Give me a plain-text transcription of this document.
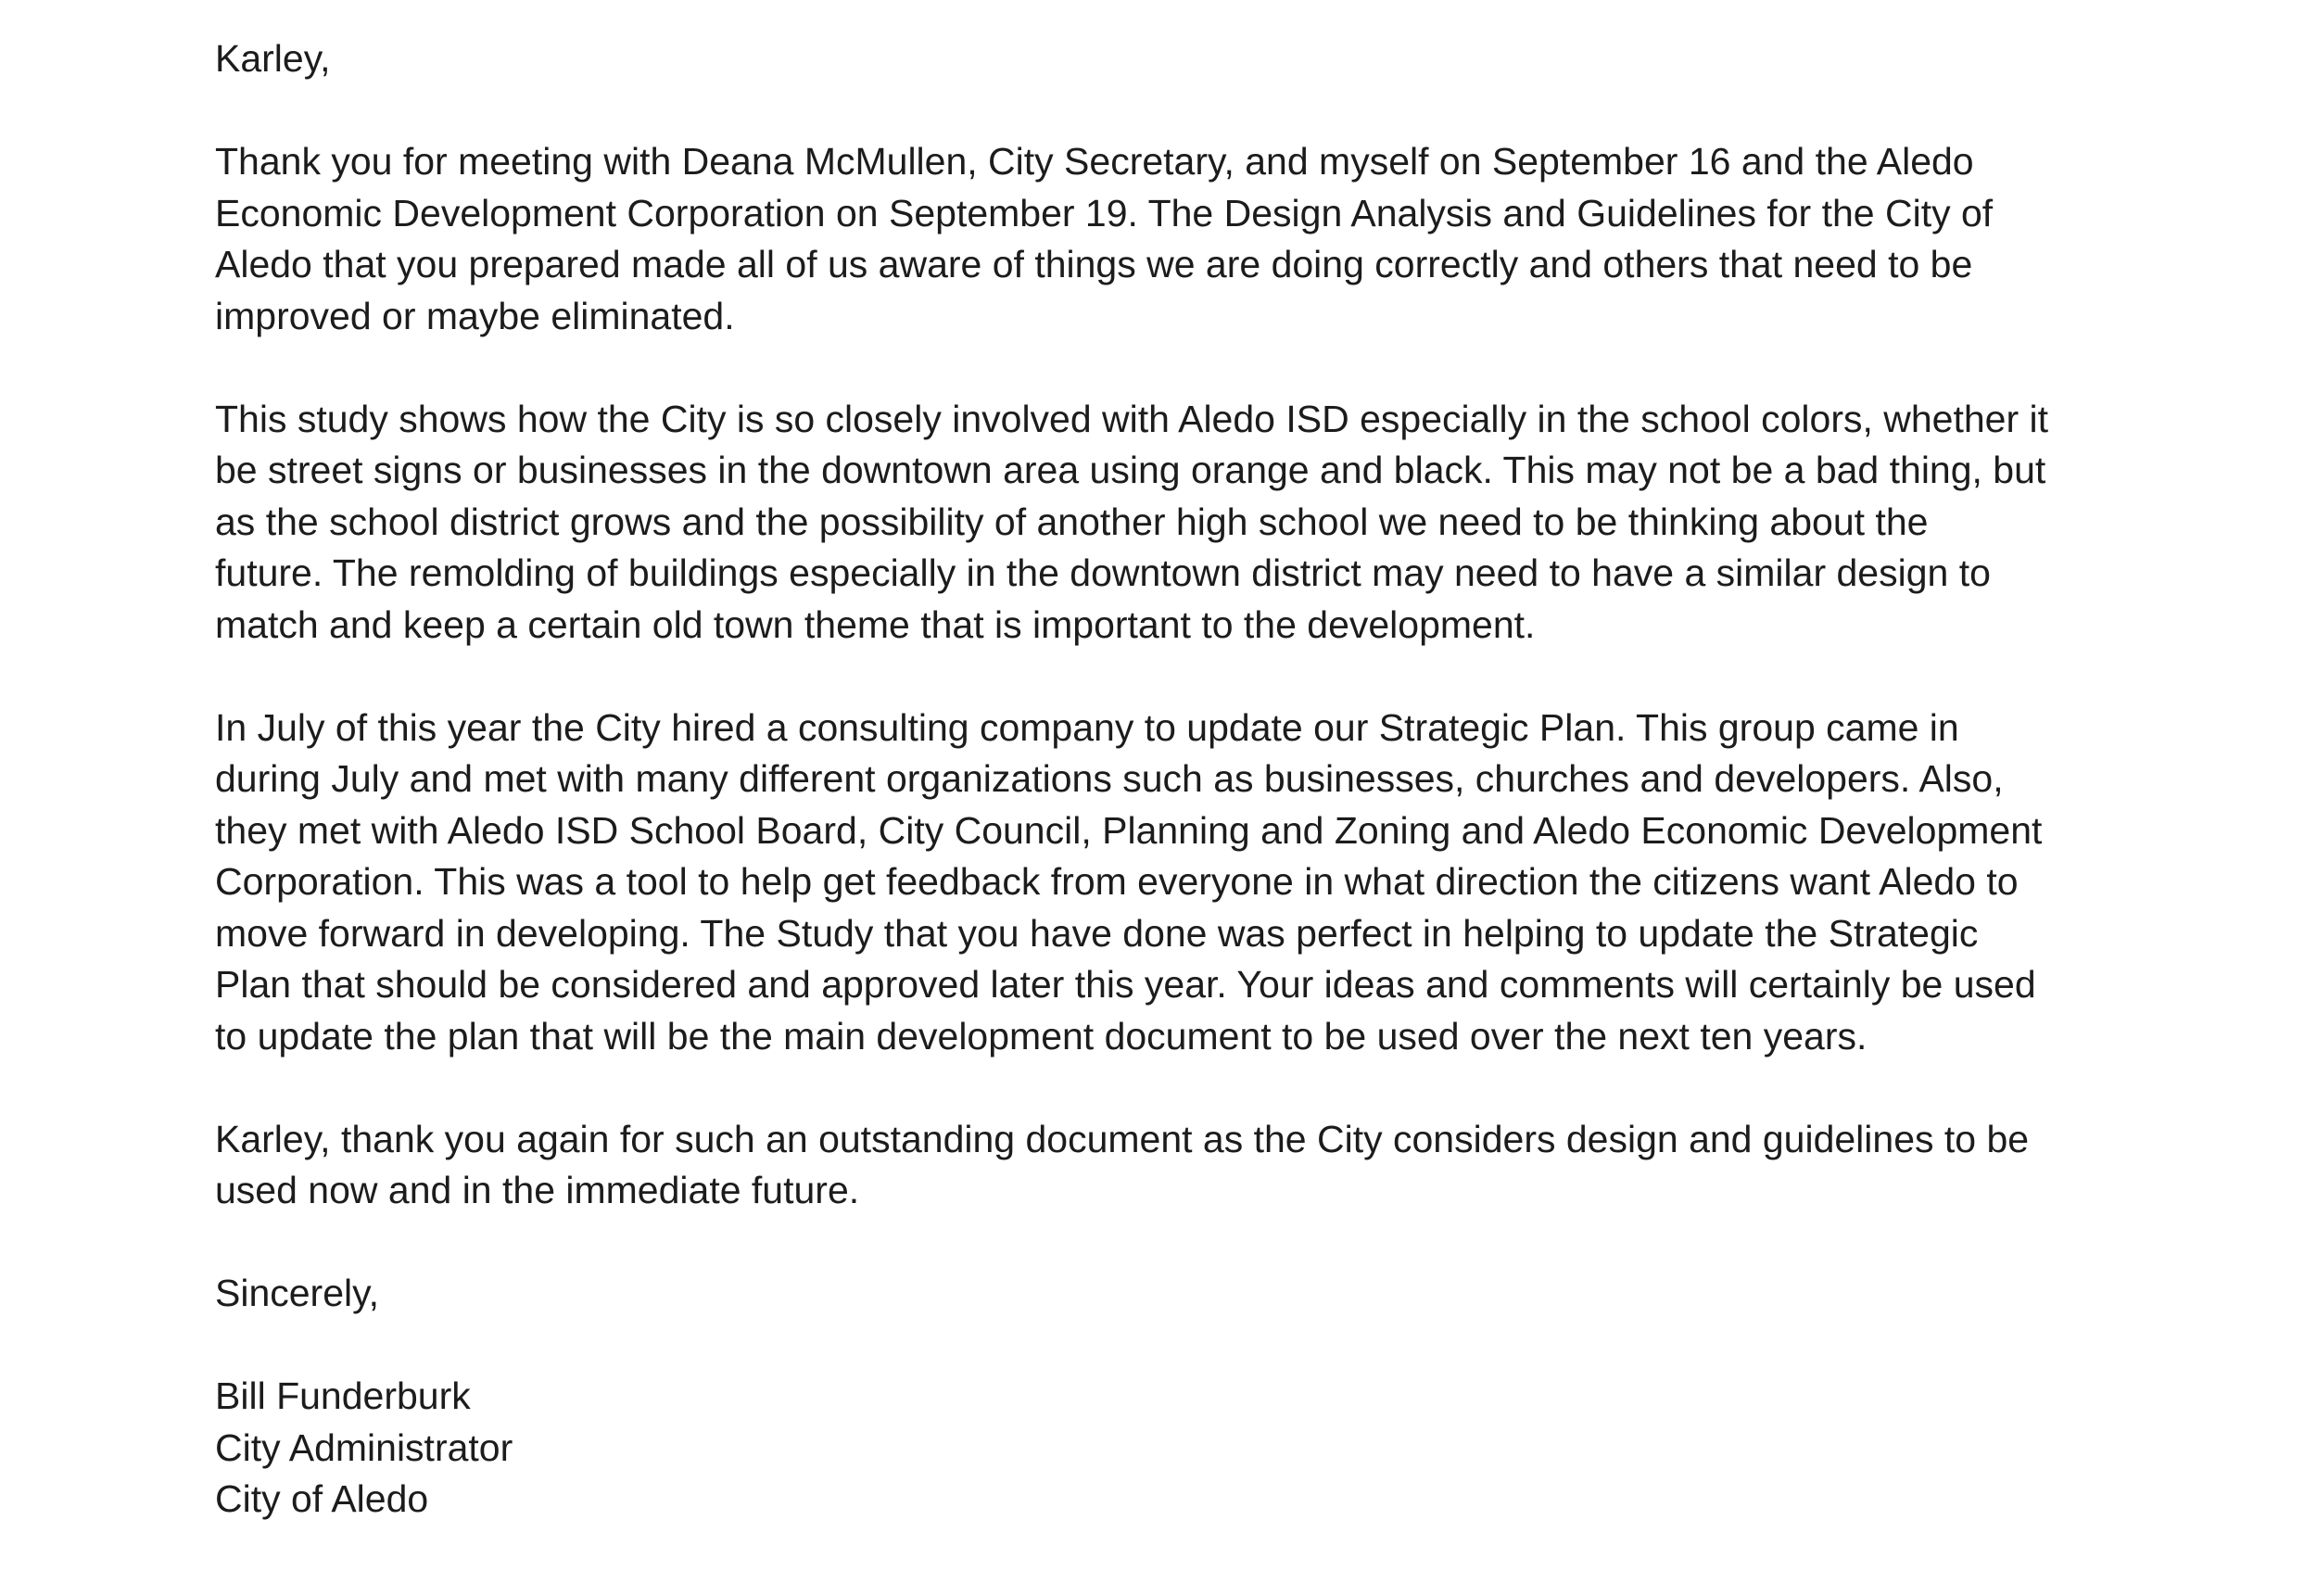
Karley,
Thank you for meeting with Deana McMullen, City Secretary, and myself on September 16 and the Aledo
Economic Development Corporation on September 19. The Design Analysis and Guidelines for the City of
Aledo that you prepared made all of us aware of things we are doing correctly and others that need to be
improved or maybe eliminated.
This study shows how the City is so closely involved with Aledo ISD especially in the school colors, whether it
be street signs or businesses in the downtown area using orange and black. This may not be a bad thing, but
as the school district grows and the possibility of another high school we need to be thinking about the
future. The remolding of buildings especially in the downtown district may need to have a similar design to
match and keep a certain old town theme that is important to the development.
In July of this year the City hired a consulting company to update our Strategic Plan. This group came in
during July and met with many different organizations such as businesses, churches and developers. Also,
they met with Aledo ISD School Board, City Council, Planning and Zoning and Aledo Economic Development
Corporation. This was a tool to help get feedback from everyone in what direction the citizens want Aledo to
move forward in developing. The Study that you have done was perfect in helping to update the Strategic
Plan that should be considered and approved later this year. Your ideas and comments will certainly be used
to update the plan that will be the main development document to be used over the next ten years.
Karley, thank you again for such an outstanding document as the City considers design and guidelines to be
used now and in the immediate future.
Sincerely,
Bill Funderburk
City Administrator
City of Aledo
